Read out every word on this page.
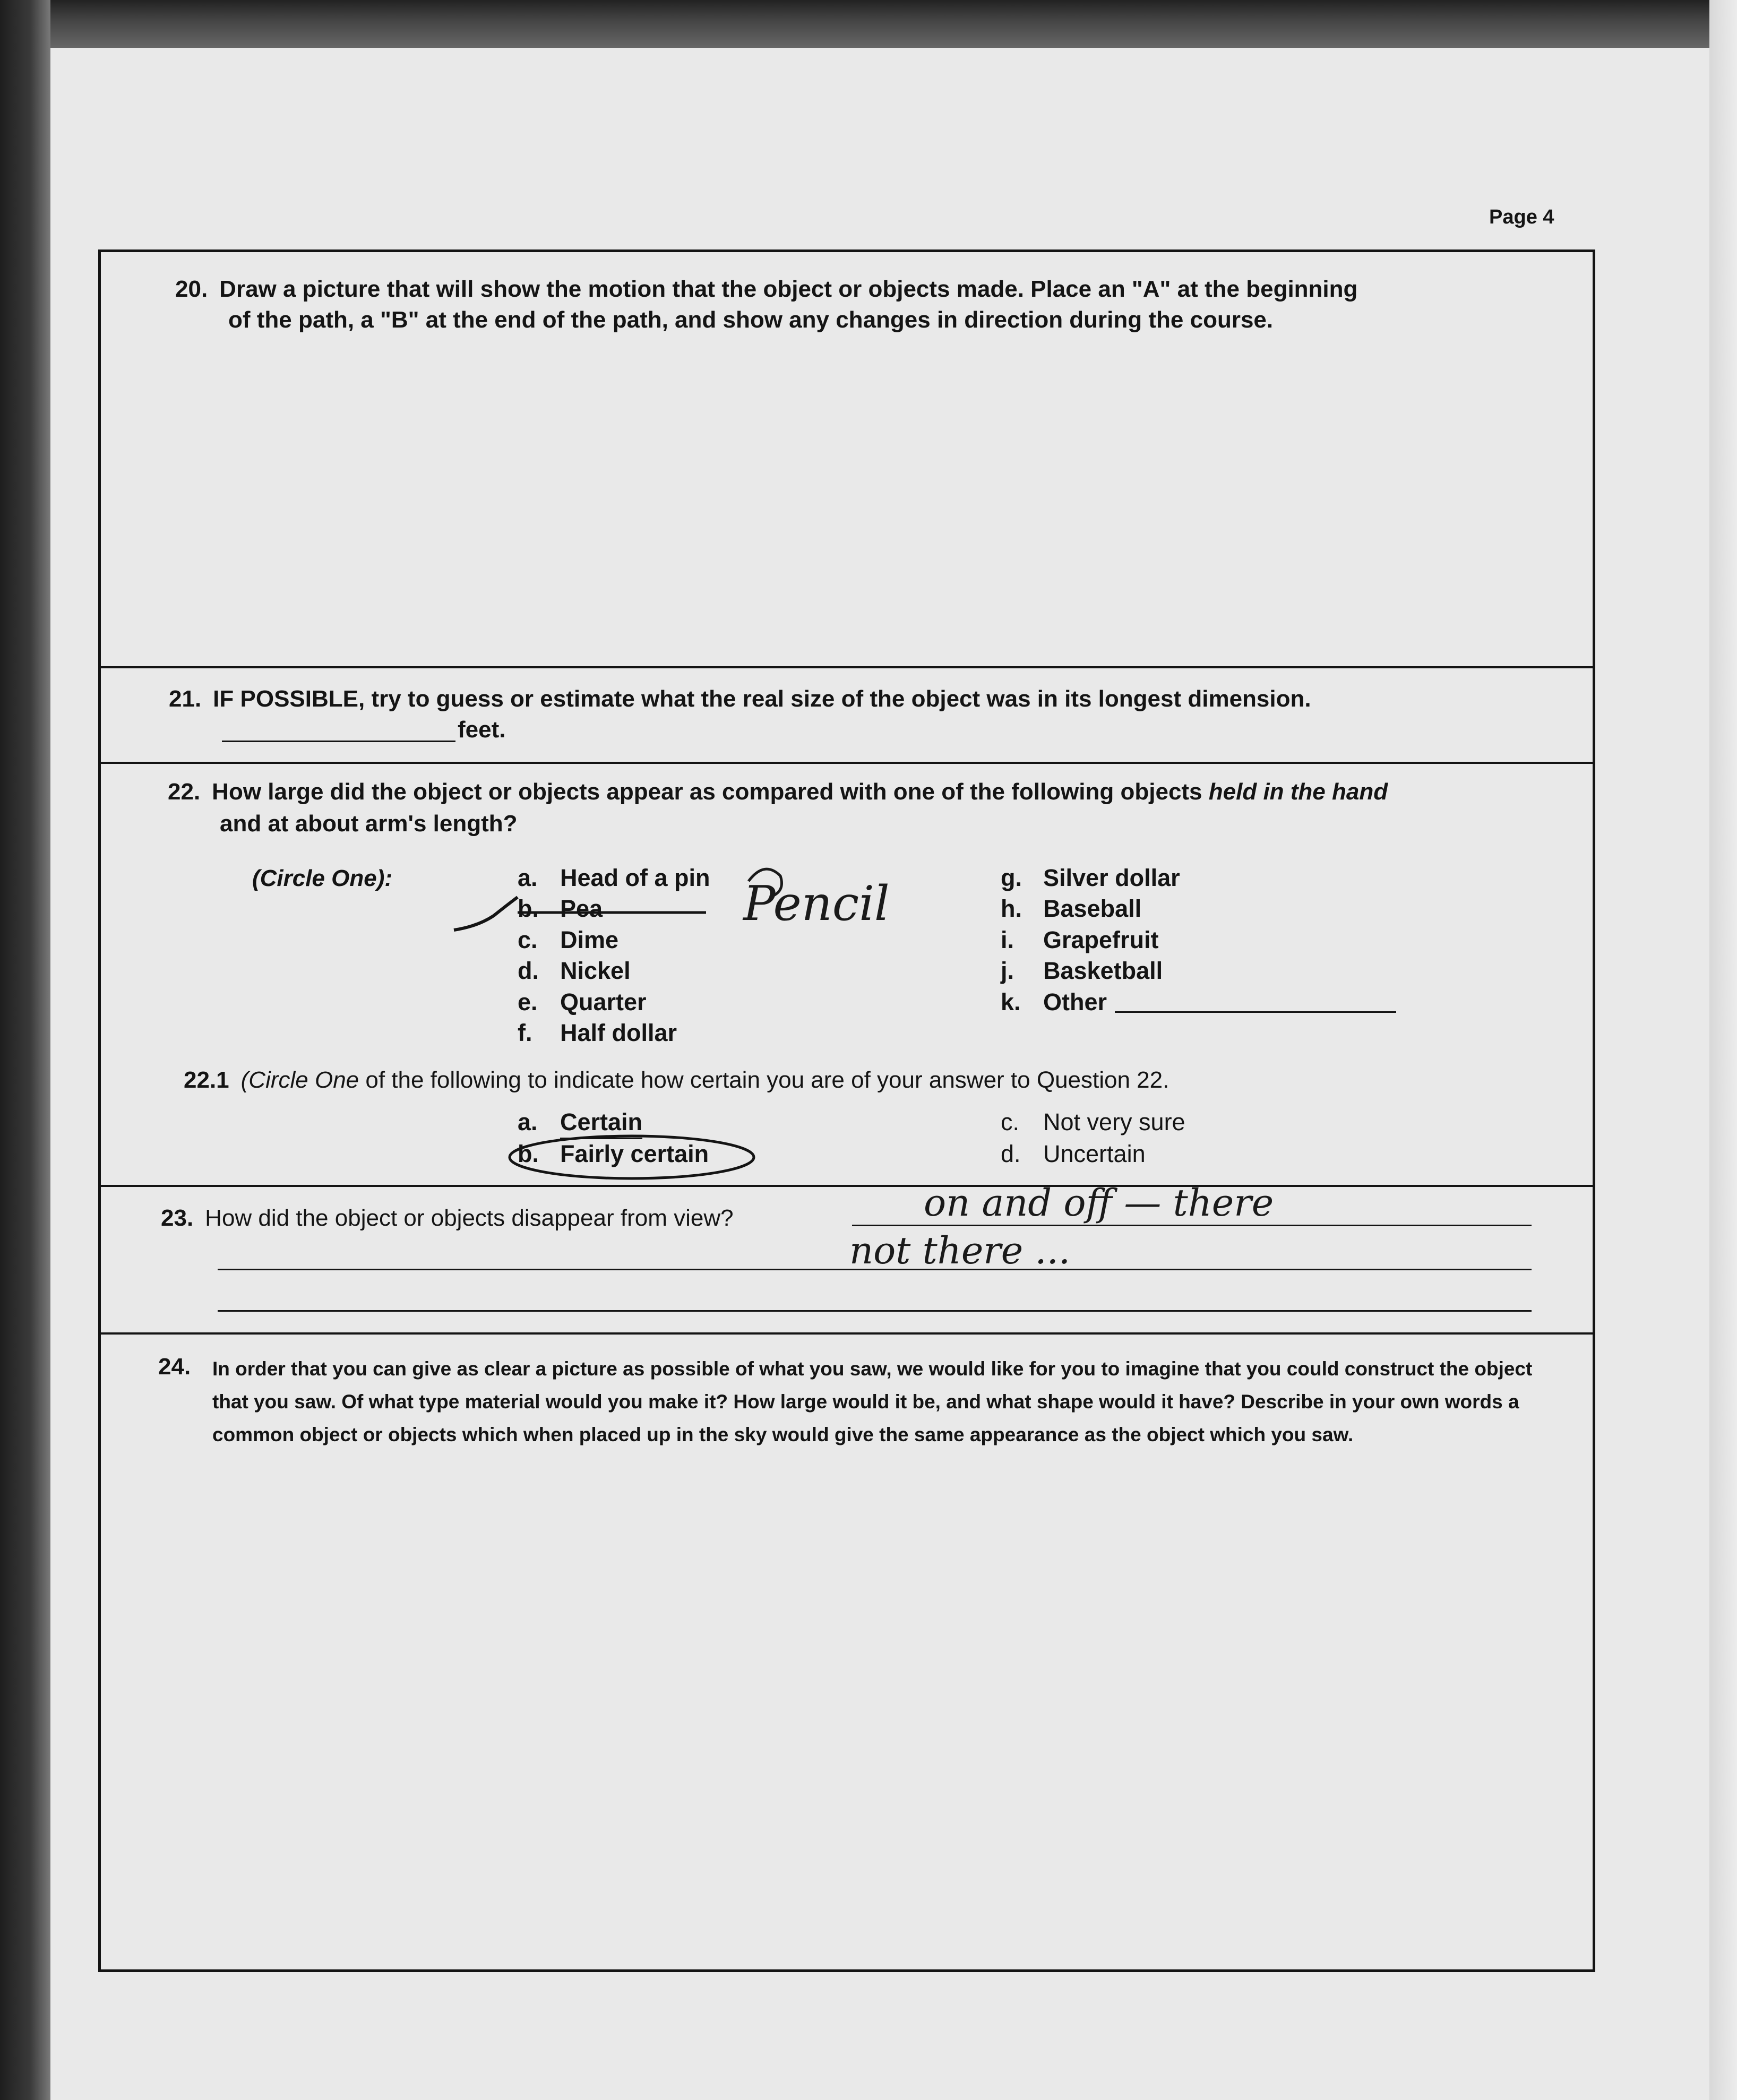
Page 4
20. Draw a picture that will show the motion that the object or objects made. Place an "A" at the beginning
of the path, a "B" at the end of the path, and show any changes in direction during the course.
21. IF POSSIBLE, try to guess or estimate what the real size of the object was in its longest dimension.
feet.
22. How large did the object or objects appear as compared with one of the following objects held in the hand
and at about arm's length?
(Circle One):	a. Head of a pin
b. Pea
c. Dime
d. Nickel
e. Quarter
f. Half dollar
g. Silver dollar
h. Baseball
i. Grapefruit
j. Basketball
k. Other
Pencil
22.1 (Circle One of the following to indicate how certain you are of your answer to Question 22.
a. Certain
b. Fairly certain
c. Not very sure
d. Uncertain
23. How did the object or objects disappear from view?	on and off — there
not there ...
24. In order that you can give as clear a picture as possible of what you saw, we would like for you to imagine that you could construct the object that you saw. Of what type material would you make it? How large would it be, and what shape would it have? Describe in your own words a common object or objects which when placed up in the sky would give the same appearance as the object which you saw.
